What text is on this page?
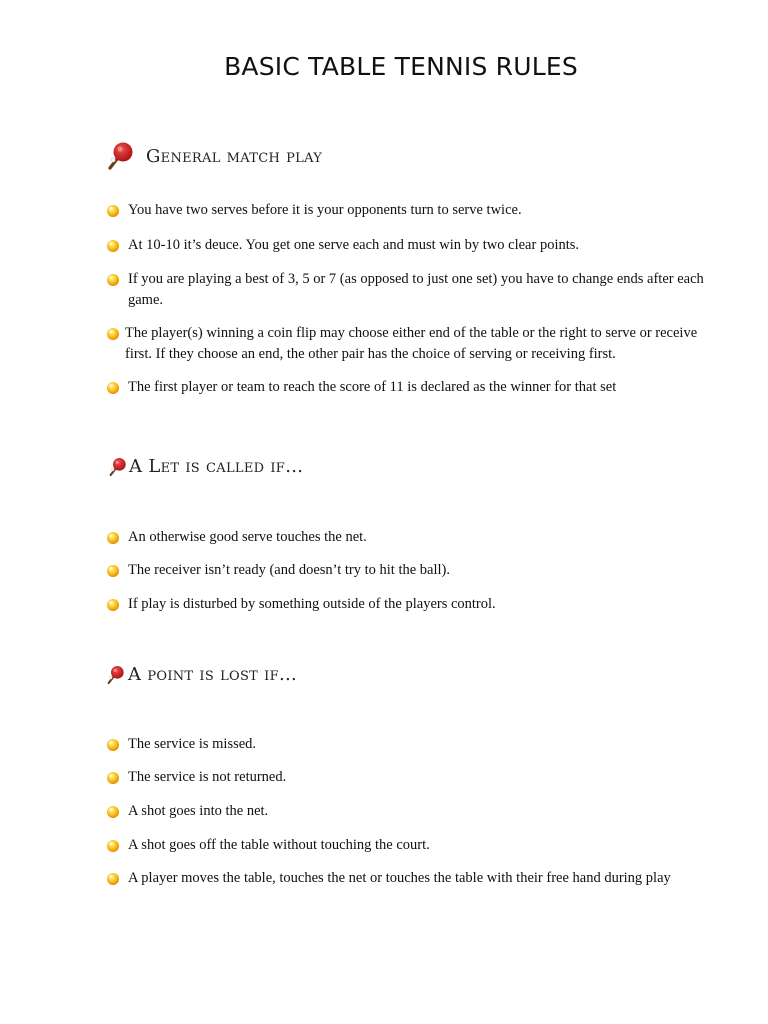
BASIC TABLE TENNIS RULES
General match play
You have two serves before it is your opponents turn to serve twice.
At 10-10 it’s deuce. You get one serve each and must win by two clear points.
If you are playing a best of 3, 5 or 7 (as opposed to just one set) you have to change ends after each game.
The player(s) winning a coin flip may choose either end of the table or the right to serve or receive first. If they choose an end, the other pair has the choice of serving or receiving first.
The first player or team to reach the score of 11 is declared as the winner for that set
A Let is called if…
An otherwise good serve touches the net.
The receiver isn’t ready (and doesn’t try to hit the ball).
If play is disturbed by something outside of the players control.
A point is lost if…
The service is missed.
The service is not returned.
A shot goes into the net.
A shot goes off the table without touching the court.
A player moves the table, touches the net or touches the table with their free hand during play
